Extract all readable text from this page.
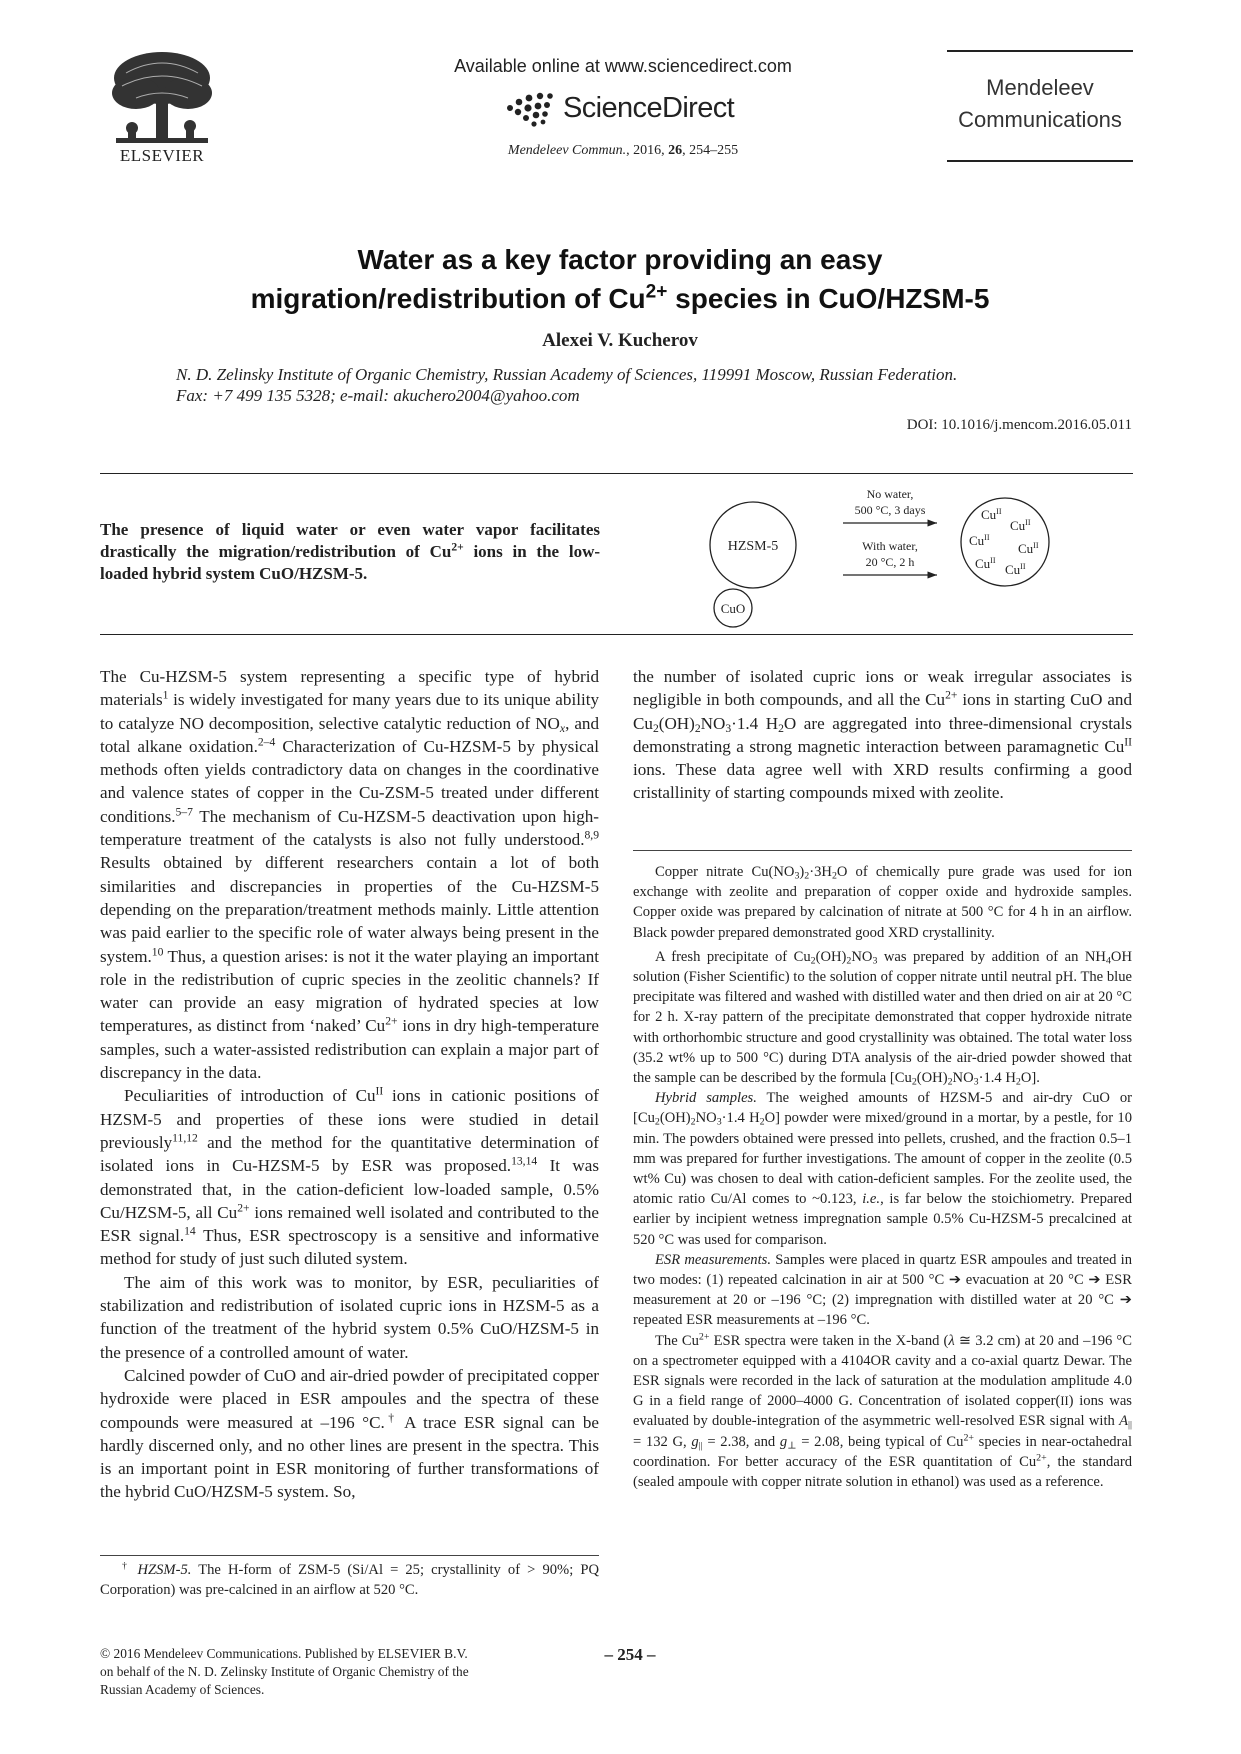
ELSEVIER
Available online at www.sciencedirect.com
ScienceDirect
Mendeleev Commun., 2016, 26, 254–255
Mendeleev
Communications
Water as a key factor providing an easy
migration/redistribution of $Cu^{2+}$ species in CuO/HZSM-5
Alexei V. Kucherov
N. D. Zelinsky Institute of Organic Chemistry, Russian Academy of Sciences, 119991 Moscow, Russian Federation.
Fax: +7 499 135 5328; e-mail: akuchero2004@yahoo.com
DOI: 10.1016/j.mencom.2016.05.011
The presence of liquid water or even water vapor facilitates drastically the migration/redistribution of $Cu^{2+}$ ions in the low-loaded hybrid system CuO/HZSM-5.
HZSM-5
CuO
No water,
500 °C, 3 days
With water,
20 °C, 2 h
$Cu^{II}$
$Cu^{II}$
$Cu^{II}$
$Cu^{II}$
$Cu^{II}$
$Cu^{II}$

The Cu-HZSM-5 system representing a specific type of hybrid materials$^1$ is widely investigated for many years due to its unique ability to catalyze NO decomposition, selective catalytic reduction of $NO_x$, and total alkane oxidation.$^{2-4}$ Characterization of Cu-HZSM-5 by physical methods often yields contradictory data on changes in the coordinative and valence states of copper in the Cu-ZSM-5 treated under different conditions.$^{5-7}$ The mechanism of Cu-HZSM-5 deactivation upon high-temperature treatment of the catalysts is also not fully understood.$^{8,9}$ Results obtained by different researchers contain a lot of both similarities and discrepancies in properties of the Cu-HZSM-5 depending on the preparation/treatment methods mainly. Little attention was paid earlier to the specific role of water always being present in the system.$^{10}$ Thus, a question arises: is not it the water playing an important role in the redistribution of cupric species in the zeolitic channels? If water can provide an easy migration of hydrated species at low temperatures, as distinct from ‘naked’ $Cu^{2+}$ ions in dry high-temperature samples, such a water-assisted redistribution can explain a major part of discrepancy in the data.

Peculiarities of introduction of $Cu^{II}$ ions in cationic positions of HZSM-5 and properties of these ions were studied in detail previously$^{11,12}$ and the method for the quantitative determination of isolated ions in Cu-HZSM-5 by ESR was proposed.$^{13,14}$ It was demonstrated that, in the cation-deficient low-loaded sample, 0.5% Cu/HZSM-5, all $Cu^{2+}$ ions remained well isolated and contributed to the ESR signal.$^{14}$ Thus, ESR spectroscopy is a sensitive and informative method for study of just such diluted system.

The aim of this work was to monitor, by ESR, peculiarities of stabilization and redistribution of isolated cupric ions in HZSM-5 as a function of the treatment of the hybrid system 0.5% CuO/HZSM-5 in the presence of a controlled amount of water.

Calcined powder of CuO and air-dried powder of precipitated copper hydroxide were placed in ESR ampoules and the spectra of these compounds were measured at –196 °C.† A trace ESR signal can be hardly discerned only, and no other lines are present in the spectra. This is an important point in ESR monitoring of further transformations of the hybrid CuO/HZSM-5 system. So,

the number of isolated cupric ions or weak irregular associates is negligible in both compounds, and all the $Cu^{2+}$ ions in starting CuO and $Cu_2(OH)_2NO_3\cdot 1.4$ $H_2O$ are aggregated into three-dimensional crystals demonstrating a strong magnetic interaction between paramagnetic $Cu^{II}$ ions. These data agree well with XRD results confirming a good cristallinity of starting compounds mixed with zeolite.

Copper nitrate $Cu(NO_3)_2\cdot 3H_2O$ of chemically pure grade was used for ion exchange with zeolite and preparation of copper oxide and hydroxide samples. Copper oxide was prepared by calcination of nitrate at 500 °C for 4 h in an airflow. Black powder prepared demonstrated good XRD crystallinity.

A fresh precipitate of $Cu_2(OH)_2NO_3$ was prepared by addition of an $NH_4OH$ solution (Fisher Scientific) to the solution of copper nitrate until neutral pH. The blue precipitate was filtered and washed with distilled water and then dried on air at 20 °C for 2 h. X-ray pattern of the precipitate demonstrated that copper hydroxide nitrate with orthorhombic structure and good crystallinity was obtained. The total water loss (35.2 wt% up to 500 °C) during DTA analysis of the air-dried powder showed that the sample can be described by the formula [$Cu_2(OH)_2NO_3\cdot 1.4$ $H_2O$].

Hybrid samples. The weighed amounts of HZSM-5 and air-dry CuO or [$Cu_2(OH)_2NO_3\cdot 1.4$ $H_2O$] powder were mixed/ground in a mortar, by a pestle, for 10 min. The powders obtained were pressed into pellets, crushed, and the fraction 0.5–1 mm was prepared for further investigations. The amount of copper in the zeolite (0.5 wt% Cu) was chosen to deal with cation-deficient samples. For the zeolite used, the atomic ratio Cu/Al comes to ~0.123, i.e., is far below the stoichiometry. Prepared earlier by incipient wetness impregnation sample 0.5% Cu-HZSM-5 precalcined at 520 °C was used for comparison.

ESR measurements. Samples were placed in quartz ESR ampoules and treated in two modes: (1) repeated calcination in air at 500 °C ➔ evacuation at 20 °C ➔ ESR measurement at 20 or –196 °C; (2) impregnation with distilled water at 20 °C ➔ repeated ESR measurements at –196 °C.

The $Cu^{2+}$ ESR spectra were taken in the X-band (λ ≅ 3.2 cm) at 20 and –196 °C on a spectrometer equipped with a 4104OR cavity and a co-axial quartz Dewar. The ESR signals were recorded in the lack of saturation at the modulation amplitude 4.0 G in a field range of 2000–4000 G. Concentration of isolated copper(II) ions was evaluated by double-integration of the asymmetric well-resolved ESR signal with $A_{||} = 132$ G, $g_{||} = 2.38$, and $g_\perp = 2.08$, being typical of $Cu^{2+}$ species in near-octahedral coordination. For better accuracy of the ESR quantitation of $Cu^{2+}$, the standard (sealed ampoule with copper nitrate solution in ethanol) was used as a reference.

† HZSM-5. The H-form of ZSM-5 (Si/Al = 25; crystallinity of > 90%; PQ Corporation) was pre-calcined in an airflow at 520 °C.

© 2016 Mendeleev Communications. Published by ELSEVIER B.V.
on behalf of the N. D. Zelinsky Institute of Organic Chemistry of the
Russian Academy of Sciences.
– 254 –
